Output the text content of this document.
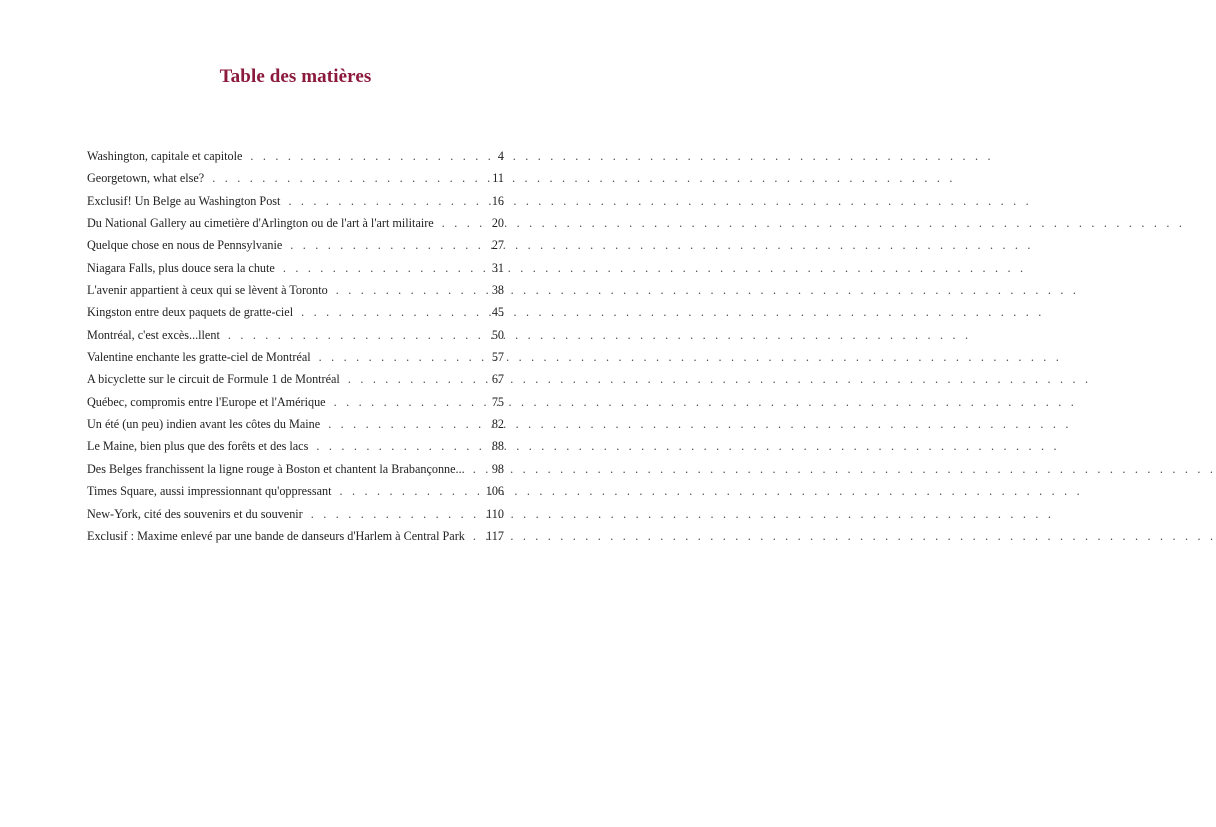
Table des matières
Washington, capitale et capitole . . .	4
Georgetown, what else? . . .	11
Exclusif! Un Belge au Washington Post . . .	16
Du National Gallery au cimetière d'Arlington ou de l'art à l'art militaire . . .	20
Quelque chose en nous de Pennsylvanie . . .	27
Niagara Falls, plus douce sera la chute . . .	31
L'avenir appartient à ceux qui se lèvent à Toronto . . .	38
Kingston entre deux paquets de gratte-ciel . . .	45
Montréal, c'est excès...llent . . .	50
Valentine enchante les gratte-ciel de Montréal . . .	57
A bicyclette sur le circuit de Formule 1 de Montréal . . .	67
Québec, compromis entre l'Europe et l'Amérique . . .	75
Un été (un peu) indien avant les côtes du Maine . . .	82
Le Maine, bien plus que des forêts et des lacs . . .	88
Des Belges franchissent la ligne rouge à Boston et chantent la Brabançonne... . . . 98
Times Square, aussi impressionnant qu'oppressant . . .	106
New-York, cité des souvenirs et du souvenir . . .	110
Exclusif : Maxime enlevé par une bande de danseurs d'Harlem à Central Park . . . 117
